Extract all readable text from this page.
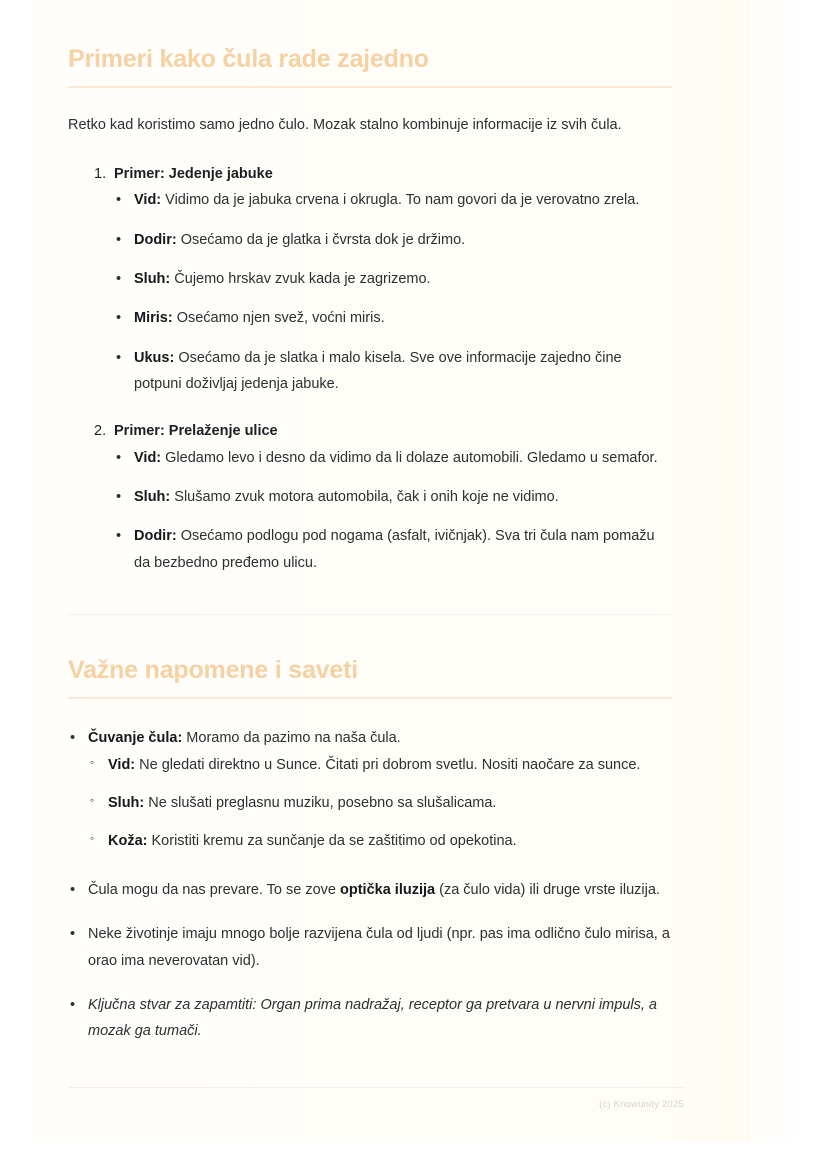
Primeri kako čula rade zajedno

Retko kad koristimo samo jedno čulo. Mozak stalno kombinuje informacije iz svih čula.

Primer: Jedenje jabuke
• Vid: Vidimo da je jabuka crvena i okrugla. To nam govori da je verovatno zrela.
• Dodir: Osećamo da je glatka i čvrsta dok je držimo.
• Sluh: Čujemo hrskav zvuk kada je zagrizemo.
• Miris: Osećamo njen svež, voćni miris.
• Ukus: Osećamo da je slatka i malo kisela. Sve ove informacije zajedno čine potpuni doživljaj jedenja jabuke.
Primer: Prelaženje ulice
• Vid: Gledamo levo i desno da vidimo da li dolaze automobili. Gledamo u semafor.
• Sluh: Slušamo zvuk motora automobila, čak i onih koje ne vidimo.
• Dodir: Osećamo podlogu pod nogama (asfalt, ivičnjak). Sva tri čula nam pomažu da bezbedno pređemo ulicu.
Važne napomene i saveti
• Čuvanje čula: Moramo da pazimo na naša čula.
◦ Vid: Ne gledati direktno u Sunce. Čitati pri dobrom svetlu. Nositi naočare za sunce.
◦ Sluh: Ne slušati preglasnu muziku, posebno sa slušalicama.
◦ Koža: Koristiti kremu za sunčanje da se zaštitimo od opekotina.
• Čula mogu da nas prevare. To se zove optička iluzija (za čulo vida) ili druge vrste iluzija.
• Neke životinje imaju mnogo bolje razvijena čula od ljudi (npr. pas ima odlično čulo mirisa, a orao ima neverovatan vid).
• Ključna stvar za zapamtiti: Organ prima nadražaj, receptor ga pretvara u nervni impuls, a mozak ga tumači.
(c) Knowunity 2025
